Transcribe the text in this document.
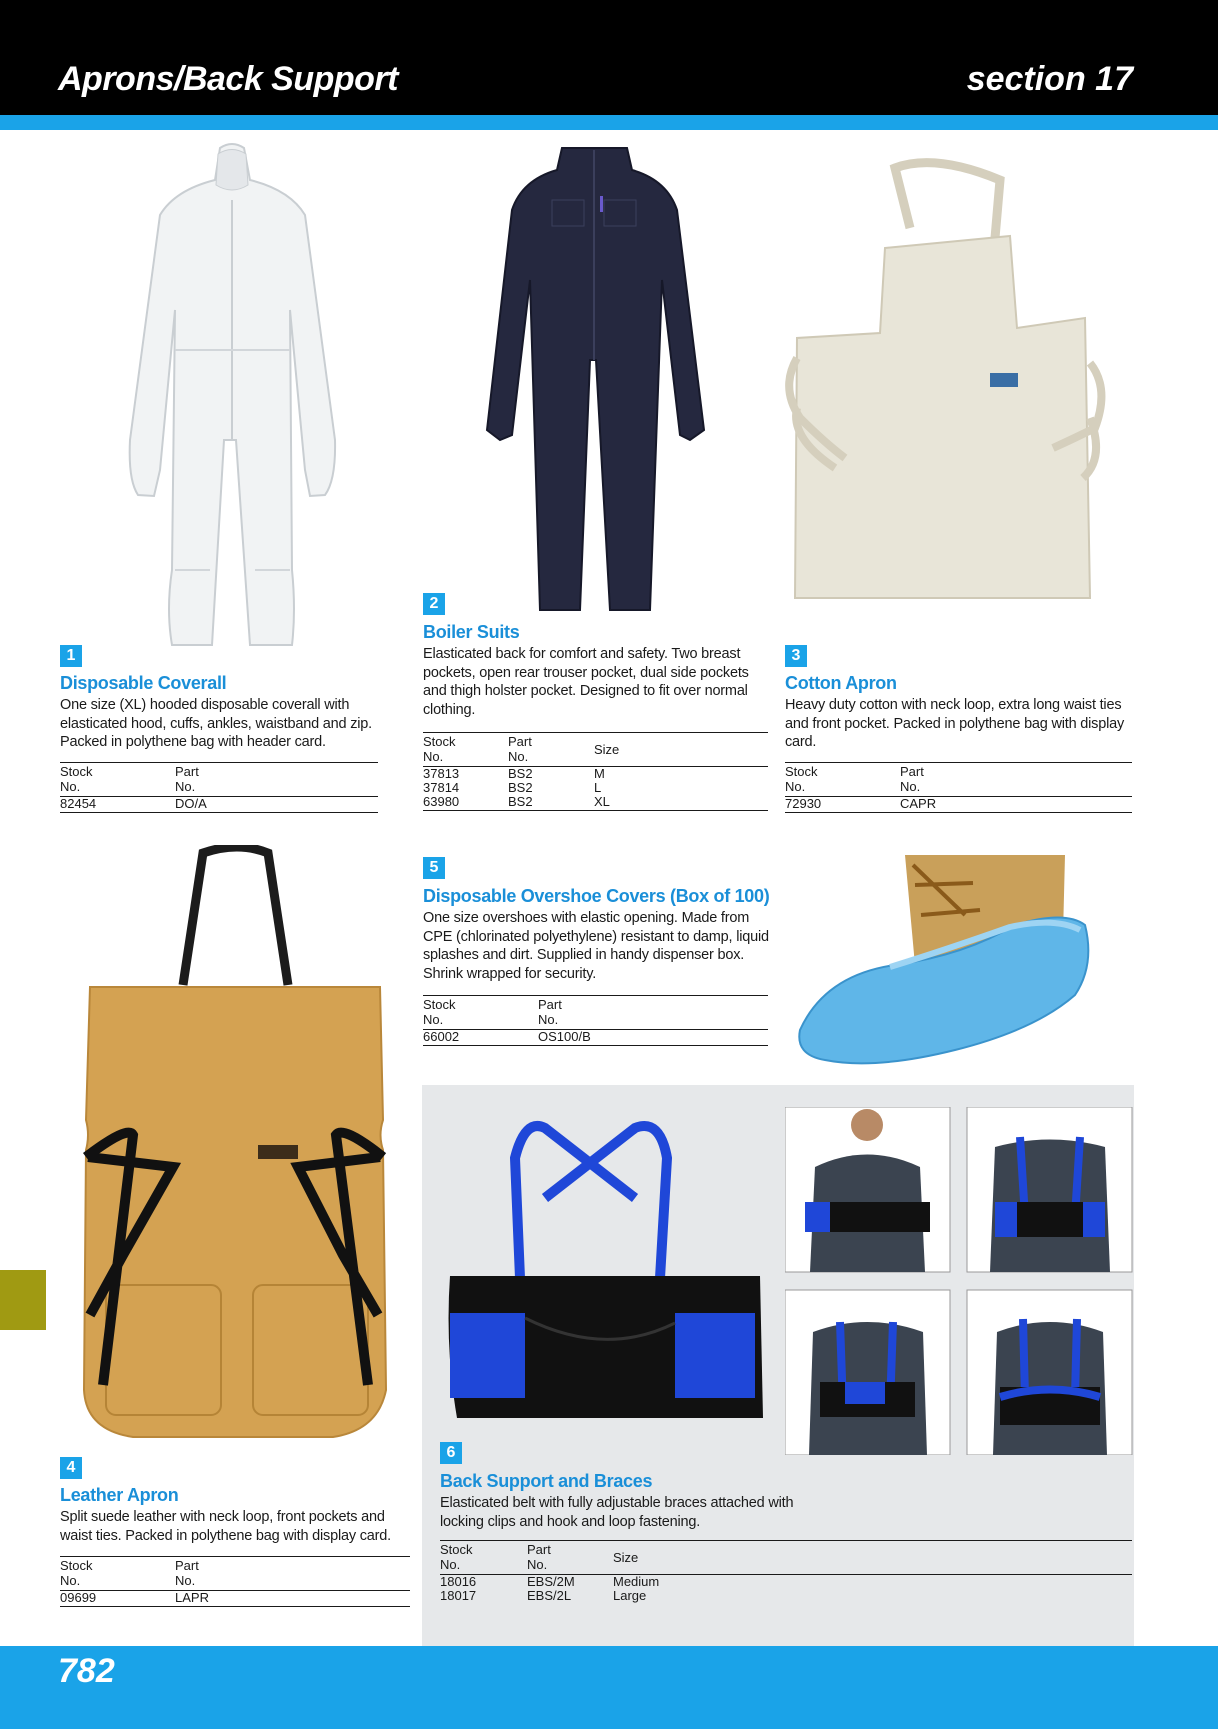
Aprons/Back Support	section 17
1
Disposable Coverall
One size (XL) hooded disposable coverall with elasticated hood, cuffs, ankles, waistband and zip. Packed in polythene bag with header card.
Stock
No.	Part
No.
82454	DO/A
2
Boiler Suits
Elasticated back for comfort and safety. Two breast pockets, open rear trouser pocket, dual side pockets and thigh holster pocket. Designed to fit over normal clothing.
Stock
No.	Part
No.	Size
37813	BS2	M
37814	BS2	L
63980	BS2	XL
3
Cotton Apron
Heavy duty cotton with neck loop, extra long waist ties and front pocket. Packed in polythene bag with display card.
Stock
No.	Part
No.
72930	CAPR
4
Leather Apron
Split suede leather with neck loop, front pockets and waist ties. Packed in polythene bag with display card.
Stock
No.	Part
No.
09699	LAPR
5
Disposable Overshoe Covers (Box of 100)
One size overshoes with elastic opening. Made from CPE (chlorinated polyethylene) resistant to damp, liquid splashes and dirt. Supplied in handy dispenser box. Shrink wrapped for security.
Stock
No.	Part
No.
66002	OS100/B
6
Back Support and Braces
Elasticated belt with fully adjustable braces attached with locking clips and hook and loop fastening.
Stock
No.	Part
No.	Size
18016	EBS/2M	Medium
18017	EBS/2L	Large
782
